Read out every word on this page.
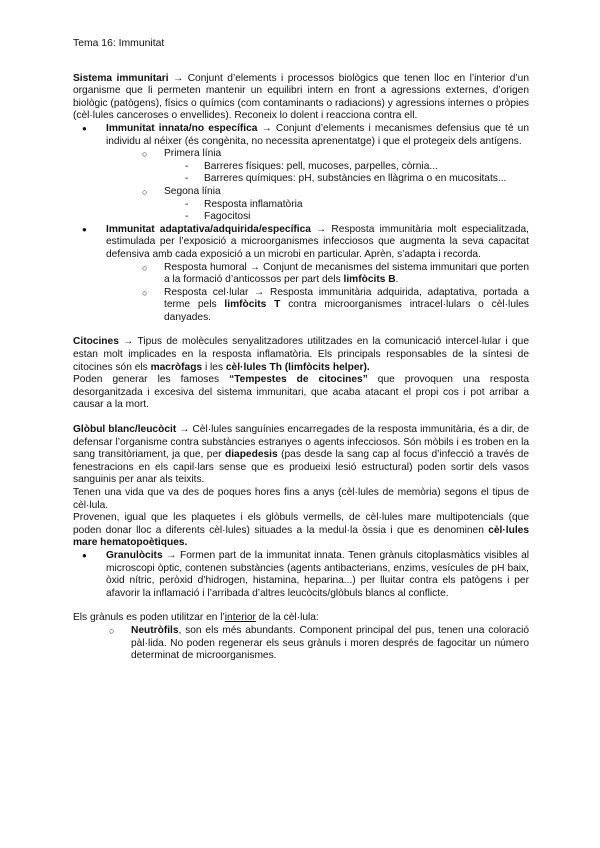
Tema 16: Immunitat

Sistema immunitari → Conjunt d’elements i processos biològics que tenen lloc en l’interior d’un organisme que li permeten mantenir un equilibri intern en front a agressions externes, d’origen biològic (patògens), físics o químics (com contaminants o radiacions) y agressions internes o pròpies (cèl·lules canceroses o envellides). Reconeix lo dolent i reacciona contra ell.

● Immunitat innata/no específica → Conjunt d’elements i mecanismes defensius que té un individu al néixer (és congènita, no necessita aprenentatge) i que el protegeix dels antígens.
○ Primera línia
- Barreres físiques: pell, mucoses, parpelles, còrnia...
- Barreres químiques: pH, substàncies en llàgrima o en mucositats...
○ Segona línia
- Resposta inflamatòria
- Fagocitosi
● Immunitat adaptativa/adquirida/específica → Resposta immunitària molt especialitzada, estimulada per l’exposició a microorganismes infecciosos que augmenta la seva capacitat defensiva amb cada exposició a un microbi en particular. Aprèn, s’adapta i recorda.
○ Resposta humoral → Conjunt de mecanismes del sistema immunitari que porten a la formació d’anticossos per part dels limfòcits B.
○ Resposta cel·lular → Resposta immunitària adquirida, adaptativa, portada a terme pels limfòcits T contra microorganismes intracel·lulars o cèl·lules danyades.

Citocines → Tipus de molècules senyalitzadores utilitzades en la comunicació intercel·lular i que estan molt implicades en la resposta inflamatòria. Els principals responsables de la síntesi de citocines són els macròfags i les cèl·lules Th (limfòcits helper).

Poden generar les famoses “Tempestes de citocines” que provoquen una resposta desorganitzada i excesiva del sistema immunitari, que acaba atacant el propi cos i pot arribar a causar a la mort.

Glòbul blanc/leucòcit → Cèl·lules sanguínies encarregades de la resposta immunitària, és a dir, de defensar l’organisme contra substàncies estranyes o agents infecciosos. Són mòbils i es troben en la sang transitòriament, ja que, per diapedesis (pas desde la sang cap al focus d’infecció a través de fenestracions en els capil·lars sense que es produeixi lesió estructural) poden sortir dels vasos sanguinis per anar als teixits.

Tenen una vida que va des de poques hores fins a anys (cèl·lules de memòria) segons el tipus de cèl·lula.

Provenen, igual que les plaquetes i els glòbuls vermells, de cèl·lules mare multipotencials (que poden donar lloc a diferents cèl·lules) situades a la medul·la òssia i que es denominen cèl·lules mare hematopoètiques.

● Granulòcits → Formen part de la immunitat innata. Tenen grànuls citoplasmàtics visibles al microscopi òptic, contenen substàncies (agents antibacterians, enzims, vesícules de pH baix, òxid nítric, peròxid d’hidrogen, histamina, heparina...) per lluitar contra els patògens i per afavorir la inflamació i l’arribada d’altres leucòcits/glòbuls blancs al conflicte.

Els grànuls es poden utilitzar en l’interior de la cèl·lula:

○ Neutròfils, son els més abundants. Component principal del pus, tenen una coloració pàl·lida. No poden regenerar els seus grànuls i moren després de fagocitar un número determinat de microorganismes.
